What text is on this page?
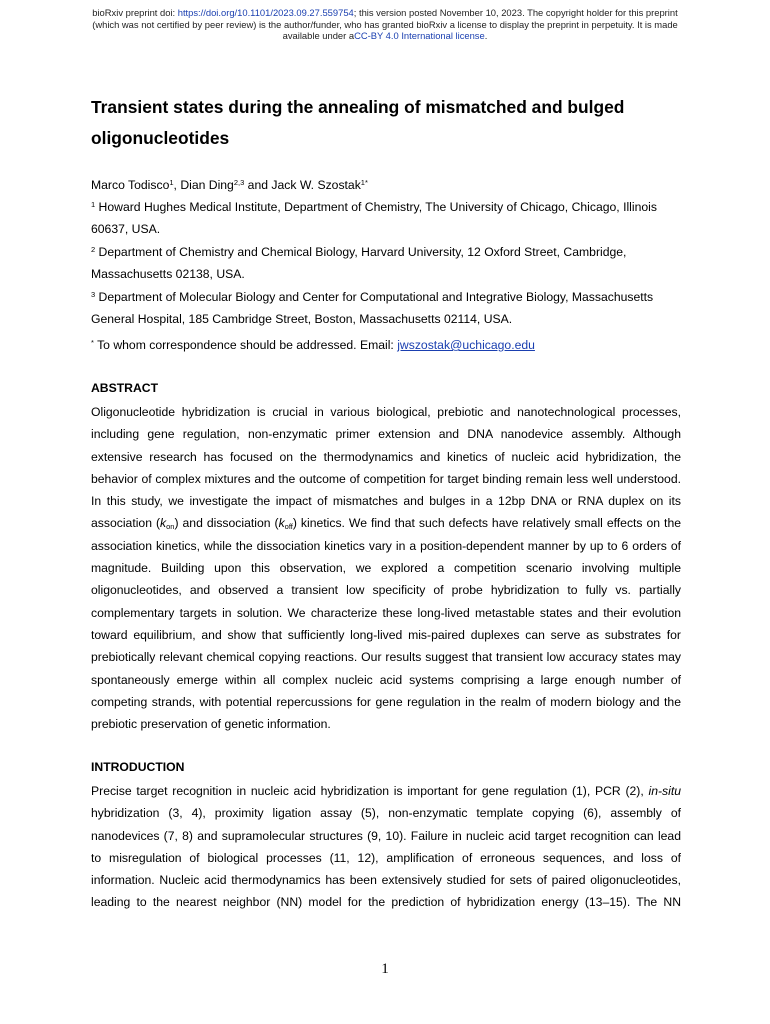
bioRxiv preprint doi: https://doi.org/10.1101/2023.09.27.559754; this version posted November 10, 2023. The copyright holder for this preprint
(which was not certified by peer review) is the author/funder, who has granted bioRxiv a license to display the preprint in perpetuity. It is made
available under aCC-BY 4.0 International license.
Transient states during the annealing of mismatched and bulged
oligonucleotides
Marco Todisco$^1$, Dian Ding$^{2,3}$ and Jack W. Szostak$^{1*}$
$^1$ Howard Hughes Medical Institute, Department of Chemistry, The University of Chicago, Chicago, Illinois 60637, USA.
$^2$ Department of Chemistry and Chemical Biology, Harvard University, 12 Oxford Street, Cambridge, Massachusetts 02138, USA.
$^3$ Department of Molecular Biology and Center for Computational and Integrative Biology, Massachusetts General Hospital, 185 Cambridge Street, Boston, Massachusetts 02114, USA.
* To whom correspondence should be addressed. Email: jwszostak@uchicago.edu
ABSTRACT
Oligonucleotide hybridization is crucial in various biological, prebiotic and nanotechnological processes, including gene regulation, non-enzymatic primer extension and DNA nanodevice assembly. Although extensive research has focused on the thermodynamics and kinetics of nucleic acid hybridization, the behavior of complex mixtures and the outcome of competition for target binding remain less well understood. In this study, we investigate the impact of mismatches and bulges in a 12bp DNA or RNA duplex on its association $(k_{on})$ and dissociation $(k_{off})$ kinetics. We find that such defects have relatively small effects on the association kinetics, while the dissociation kinetics vary in a position-dependent manner by up to 6 orders of magnitude. Building upon this observation, we explored a competition scenario involving multiple oligonucleotides, and observed a transient low specificity of probe hybridization to fully vs. partially complementary targets in solution. We characterize these long-lived metastable states and their evolution toward equilibrium, and show that sufficiently long-lived mis-paired duplexes can serve as substrates for prebiotically relevant chemical copying reactions. Our results suggest that transient low accuracy states may spontaneously emerge within all complex nucleic acid systems comprising a large enough number of competing strands, with potential repercussions for gene regulation in the realm of modern biology and the prebiotic preservation of genetic information.
INTRODUCTION
Precise target recognition in nucleic acid hybridization is important for gene regulation (1), PCR (2), in-situ hybridization (3, 4), proximity ligation assay (5), non-enzymatic template copying (6), assembly of nanodevices (7, 8) and supramolecular structures (9, 10). Failure in nucleic acid target recognition can lead to misregulation of biological processes (11, 12), amplification of erroneous sequences, and loss of information. Nucleic acid thermodynamics has been extensively studied for sets of paired oligonucleotides, leading to the nearest neighbor (NN) model for the prediction of hybridization energy (13–15). The NN
1
